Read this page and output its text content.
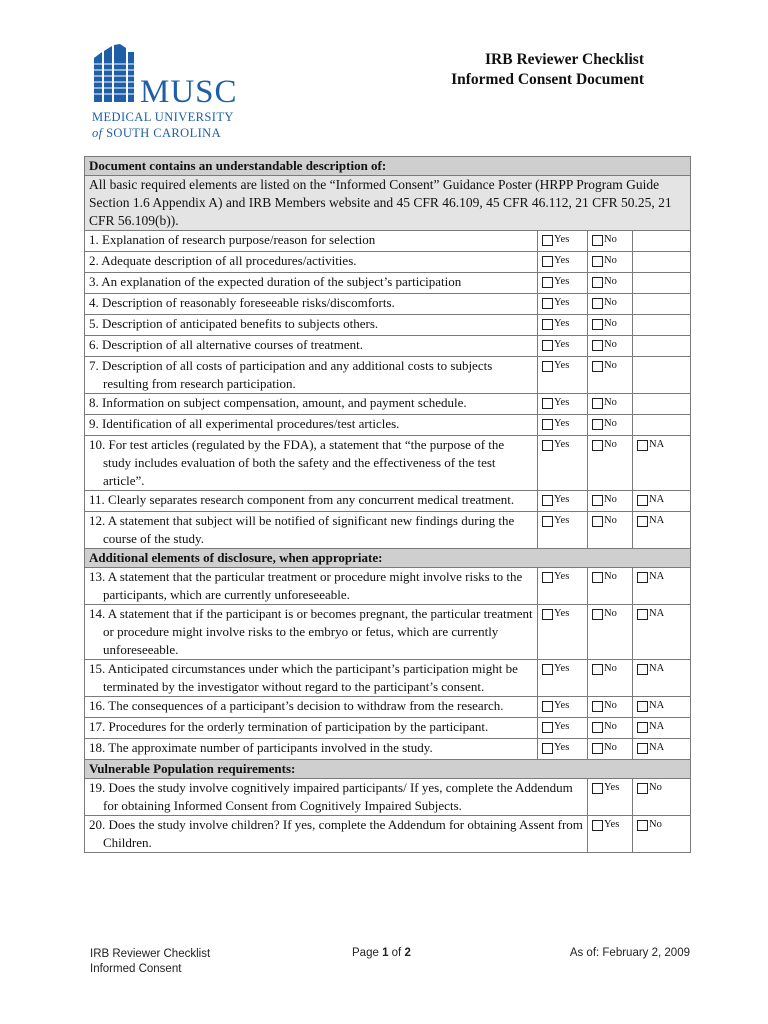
MUSC
MEDICAL UNIVERSITY
of SOUTH CAROLINA
IRB Reviewer Checklist
Informed Consent Document
Document contains an understandable description of:			
All basic required elements are listed on the “Informed Consent” Guidance Poster (HRPP Program Guide Section 1.6 Appendix A) and IRB Members website and 45 CFR 46.109, 45 CFR 46.112, 21 CFR 50.25, 21 CFR 56.109(b)).			
1. Explanation of research purpose/reason for selection	$^{Yes}$	$^{No}$	
2. Adequate description of all procedures/activities.	$^{Yes}$	$^{No}$	
3. An explanation of the expected duration of the subject’s participation	$^{Yes}$	$^{No}$	
4. Description of reasonably foreseeable risks/discomforts.	$^{Yes}$	$^{No}$	
5. Description of anticipated benefits to subjects others.	$^{Yes}$	$^{No}$	
6. Description of all alternative courses of treatment.	$^{Yes}$	$^{No}$	
7. Description of all costs of participation and any additional costs to subjects resulting from research participation.	$^{Yes}$	$^{No}$	
8. Information on subject compensation, amount, and payment schedule.	$^{Yes}$	$^{No}$	
9. Identification of all experimental procedures/test articles.	$^{Yes}$	$^{No}$	
10. For test articles (regulated by the FDA), a statement that “the purpose of the study includes evaluation of both the safety and the effectiveness of the test article”.	$^{Yes}$	$^{No}$	$^{NA}$
11. Clearly separates research component from any concurrent medical treatment.	$^{Yes}$	$^{No}$	$^{NA}$
12. A statement that subject will be notified of significant new findings during the course of the study.	$^{Yes}$	$^{No}$	$^{NA}$
Additional elements of disclosure, when appropriate:			
13. A statement that the particular treatment or procedure might involve risks to the participants, which are currently unforeseeable.	$^{Yes}$	$^{No}$	$^{NA}$
14. A statement that if the participant is or becomes pregnant, the particular treatment or procedure might involve risks to the embryo or fetus, which are currently unforeseeable.	$^{Yes}$	$^{No}$	$^{NA}$
15. Anticipated circumstances under which the participant’s participation might be terminated by the investigator without regard to the participant’s consent.	$^{Yes}$	$^{No}$	$^{NA}$
16. The consequences of a participant’s decision to withdraw from the research.	$^{Yes}$	$^{No}$	$^{NA}$
17. Procedures for the orderly termination of participation by the participant.	$^{Yes}$	$^{No}$	$^{NA}$
18. The approximate number of participants involved in the study.	$^{Yes}$	$^{No}$	$^{NA}$
Vulnerable Population requirements:			
19. Does the study involve cognitively impaired participants/ If yes, complete the Addendum for obtaining Informed Consent from Cognitively Impaired Subjects.		$^{Yes}$	$^{No}$
20. Does the study involve children? If yes, complete the Addendum for obtaining Assent from Children.		$^{Yes}$	$^{No}$
IRB Reviewer Checklist
Informed Consent
Page 1 of 2	As of: February 2, 2009
